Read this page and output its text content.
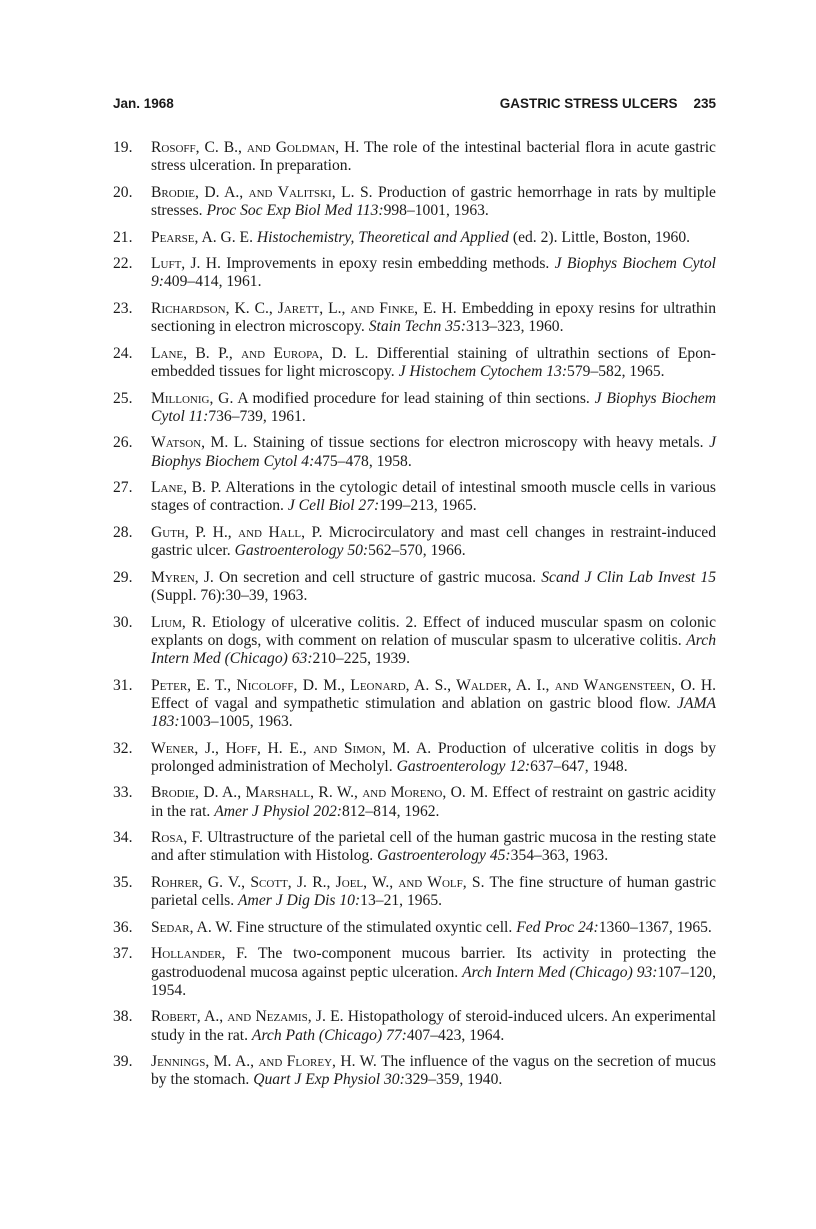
Jan. 1968	GASTRIC STRESS ULCERS 235
19. Rosoff, C. B., and Goldman, H. The role of the intestinal bacterial flora in acute gastric stress ulceration. In preparation.
20. Brodie, D. A., and Valitski, L. S. Production of gastric hemorrhage in rats by multiple stresses. Proc Soc Exp Biol Med 113:998–1001, 1963.
21. Pearse, A. G. E. Histochemistry, Theoretical and Applied (ed. 2). Little, Boston, 1960.
22. Luft, J. H. Improvements in epoxy resin embedding methods. J Biophys Biochem Cytol 9:409–414, 1961.
23. Richardson, K. C., Jarett, L., and Finke, E. H. Embedding in epoxy resins for ultrathin sectioning in electron microscopy. Stain Techn 35:313–323, 1960.
24. Lane, B. P., and Europa, D. L. Differential staining of ultrathin sections of Epon-embedded tissues for light microscopy. J Histochem Cytochem 13:579–582, 1965.
25. Millonig, G. A modified procedure for lead staining of thin sections. J Biophys Biochem Cytol 11:736–739, 1961.
26. Watson, M. L. Staining of tissue sections for electron microscopy with heavy metals. J Biophys Biochem Cytol 4:475–478, 1958.
27. Lane, B. P. Alterations in the cytologic detail of intestinal smooth muscle cells in various stages of contraction. J Cell Biol 27:199–213, 1965.
28. Guth, P. H., and Hall, P. Microcirculatory and mast cell changes in restraint-induced gastric ulcer. Gastroenterology 50:562–570, 1966.
29. Myren, J. On secretion and cell structure of gastric mucosa. Scand J Clin Lab Invest 15 (Suppl. 76):30–39, 1963.
30. Lium, R. Etiology of ulcerative colitis. 2. Effect of induced muscular spasm on colonic explants on dogs, with comment on relation of muscular spasm to ulcerative colitis. Arch Intern Med (Chicago) 63:210–225, 1939.
31. Peter, E. T., Nicoloff, D. M., Leonard, A. S., Walder, A. I., and Wangensteen, O. H. Effect of vagal and sympathetic stimulation and ablation on gastric blood flow. JAMA 183:1003–1005, 1963.
32. Wener, J., Hoff, H. E., and Simon, M. A. Production of ulcerative colitis in dogs by prolonged administration of Mecholyl. Gastroenterology 12:637–647, 1948.
33. Brodie, D. A., Marshall, R. W., and Moreno, O. M. Effect of restraint on gastric acidity in the rat. Amer J Physiol 202:812–814, 1962.
34. Rosa, F. Ultrastructure of the parietal cell of the human gastric mucosa in the resting state and after stimulation with Histolog. Gastroenterology 45:354–363, 1963.
35. Rohrer, G. V., Scott, J. R., Joel, W., and Wolf, S. The fine structure of human gastric parietal cells. Amer J Dig Dis 10:13–21, 1965.
36. Sedar, A. W. Fine structure of the stimulated oxyntic cell. Fed Proc 24:1360–1367, 1965.
37. Hollander, F. The two-component mucous barrier. Its activity in protecting the gastroduodenal mucosa against peptic ulceration. Arch Intern Med (Chicago) 93:107–120, 1954.
38. Robert, A., and Nezamis, J. E. Histopathology of steroid-induced ulcers. An experimental study in the rat. Arch Path (Chicago) 77:407–423, 1964.
39. Jennings, M. A., and Florey, H. W. The influence of the vagus on the secretion of mucus by the stomach. Quart J Exp Physiol 30:329–359, 1940.
